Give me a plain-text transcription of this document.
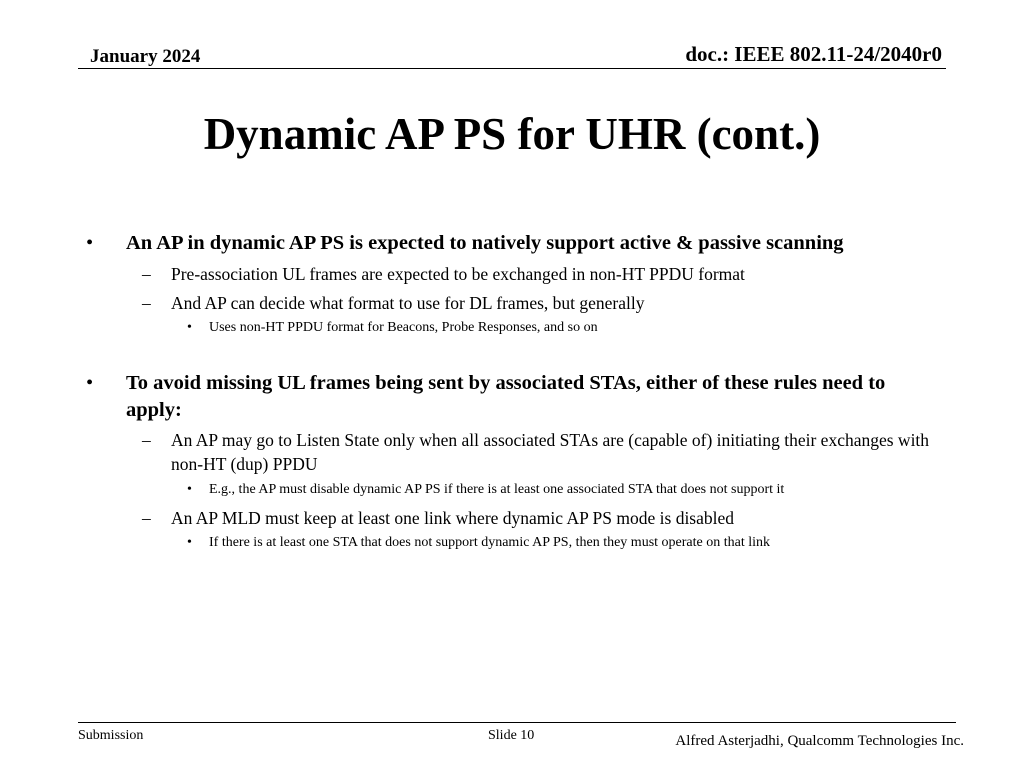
January 2024	doc.: IEEE 802.11-24/2040r0
Dynamic AP PS for UHR (cont.)
• An AP in dynamic AP PS is expected to natively support active & passive scanning
– Pre-association UL frames are expected to be exchanged in non-HT PPDU format
– And AP can decide what format to use for DL frames, but generally
• Uses non-HT PPDU format for Beacons, Probe Responses, and so on
• To avoid missing UL frames being sent by associated STAs, either of these rules need to apply:
– An AP may go to Listen State only when all associated STAs are (capable of) initiating their exchanges with non-HT (dup) PPDU
• E.g., the AP must disable dynamic AP PS if there is at least one associated STA that does not support it
– An AP MLD must keep at least one link where dynamic AP PS mode is disabled
• If there is at least one STA that does not support dynamic AP PS, then they must operate on that link
Submission	Slide 10	Alfred Asterjadhi, Qualcomm Technologies Inc.
